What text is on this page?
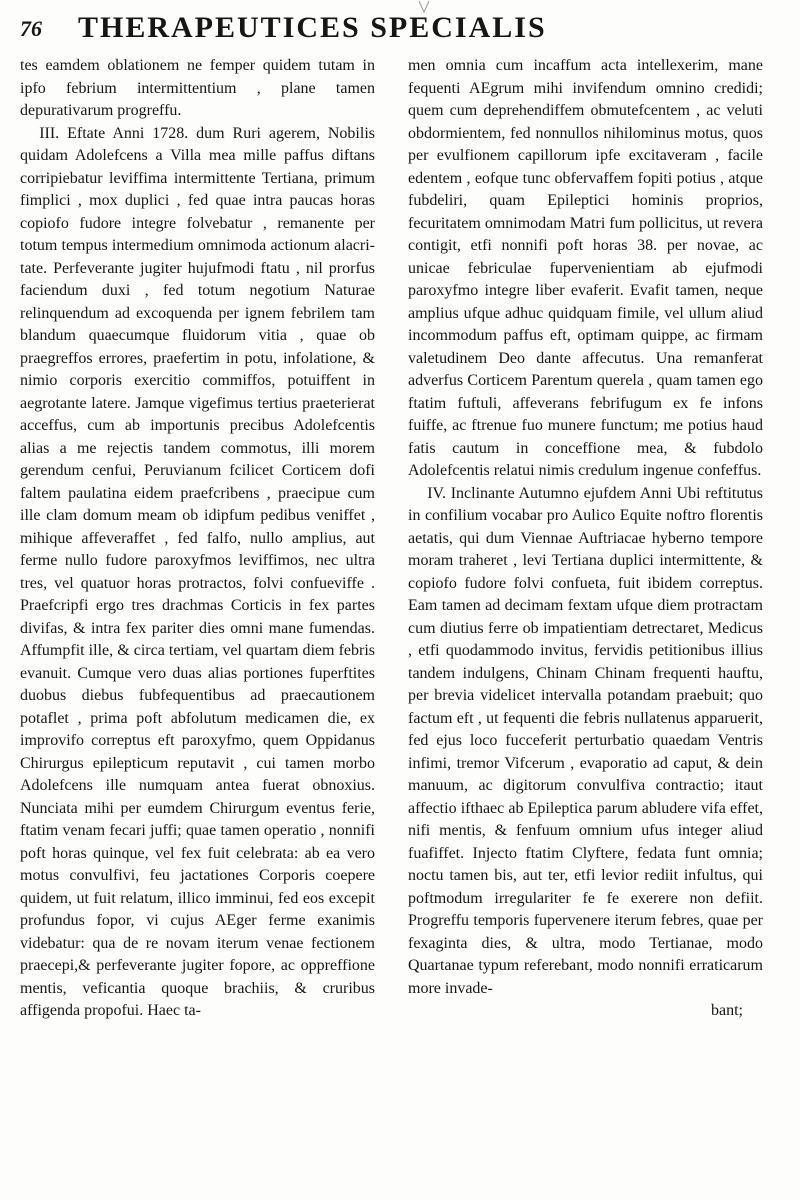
76 THERAPEUTICES SPECIALIS

tes eamdem oblationem ne femper quidem tutam in ipfo febrium intermittentium , plane tamen depurativarum progreffu.

III. Eftate Anni 1728. dum Ruri agerem, Nobilis quidam Adolefcens a Villa mea mille paffus diftans corripiebatur leviffima intermittente Tertiana, primum fimplici , mox duplici , fed quae intra paucas horas copiofo fudore integre folvebatur , remanente per totum tempus intermedium omnimoda actionum alacritate. Perfeverante jugiter hujufmodi ftatu , nil prorfus faciendum duxi , fed totum negotium Naturae relinquendum ad excoquenda per ignem febrilem tam blandum quaecumque fluidorum vitia , quae ob praegreffos errores, praefertim in potu, infolatione, & nimio corporis exercitio commiffos, potuiffent in aegrotante latere. Jamque vigefimus tertius praeterierat acceffus, cum ab importunis precibus Adolefcentis alias a me rejectis tandem commotus, illi morem gerendum cenfui, Peruvianum fcilicet Corticem dofi faltem paulatina eidem praefcribens , praecipue cum ille clam domum meam ob idipfum pedibus veniffet , mihique affeveraffet , fed falfo, nullo amplius, aut ferme nullo fudore paroxyfmos leviffimos, nec ultra tres, vel quatuor horas protractos, folvi confueviffe . Praefcripfi ergo tres drachmas Corticis in fex partes divifas, & intra fex pariter dies omni mane fumendas. Affumpfit ille, & circa tertiam, vel quartam diem febris evanuit. Cumque vero duas alias portiones fuperftites duobus diebus fubfequentibus ad praecautionem potaflet , prima poft abfolutum medicamen die, ex improvifo correptus eft paroxyfmo, quem Oppidanus Chirurgus epilepticum reputavit , cui tamen morbo Adolefcens ille numquam antea fuerat obnoxius. Nunciata mihi per eumdem Chirurgum eventus ferie, ftatim venam fecari juffi; quae tamen operatio , nonnifi poft horas quinque, vel fex fuit celebrata: ab ea vero motus convulfivi, feu jactationes Corporis coepere quidem, ut fuit relatum, illico imminui, fed eos excepit profundus fopor, vi cujus AEger ferme exanimis videbatur: qua de re novam iterum venae fectionem praecepi,& perfeverante jugiter fopore, ac oppreffione mentis, veficantia quoque brachiis, & cruribus affigenda propofui. Haec ta-

men omnia cum incaffum acta intellexerim, mane fequenti AEgrum mihi invifendum omnino credidi; quem cum deprehendiffem obmutefcentem , ac veluti obdormientem, fed nonnullos nihilominus motus, quos per evulfionem capillorum ipfe excitaveram , facile edentem , eofque tunc obfervaffem fopiti potius , atque fubdeliri, quam Epileptici hominis proprios, fecuritatem omnimodam Matri fum pollicitus, ut revera contigit, etfi nonnifi poft horas 38. per novae, ac unicae febriculae fupervenientiam ab ejufmodi paroxyfmo integre liber evaferit. Evafit tamen, neque amplius ufque adhuc quidquam fimile, vel ullum aliud incommodum paffus eft, optimam quippe, ac firmam valetudinem Deo dante affecutus. Una remanferat adverfus Corticem Parentum querela , quam tamen ego ftatim fuftuli, affeverans febrifugum ex fe infons fuiffe, ac ftrenue fuo munere functum; me potius haud fatis cautum in conceffione mea, & fubdolo Adolefcentis relatui nimis credulum ingenue confeffus.

IV. Inclinante Autumno ejufdem Anni Ubi reftitutus in confilium vocabar pro Aulico Equite noftro florentis aetatis, qui dum Viennae Auftriacae hyberno tempore moram traheret , levi Tertiana duplici intermittente, & copiofo fudore folvi confueta, fuit ibidem correptus. Eam tamen ad decimam fextam ufque diem protractam cum diutius ferre ob impatientiam detrectaret, Medicus , etfi quodammodo invitus, fervidis petitionibus illius tandem indulgens, Chinam Chinam frequenti hauftu, per brevia videlicet intervalla potandam praebuit; quo factum eft , ut fequenti die febris nullatenus apparuerit, fed ejus loco fucceferit perturbatio quaedam Ventris infimi, tremor Vifcerum , evaporatio ad caput, & dein manuum, ac digitorum convulfiva contractio; itaut affectio ifthaec ab Epileptica parum abludere vifa effet, nifi mentis, & fenfuum omnium ufus integer aliud fuafiffet. Injecto ftatim Clyftere, fedata funt omnia; noctu tamen bis, aut ter, etfi levior rediit infultus, qui poftmodum irregulariter fe fe exerere non defiit. Progreffu temporis fupervenere iterum febres, quae per fexaginta dies, & ultra, modo Tertianae, modo Quartanae typum referebant, modo nonnifi erraticarum more invade-

bant;
